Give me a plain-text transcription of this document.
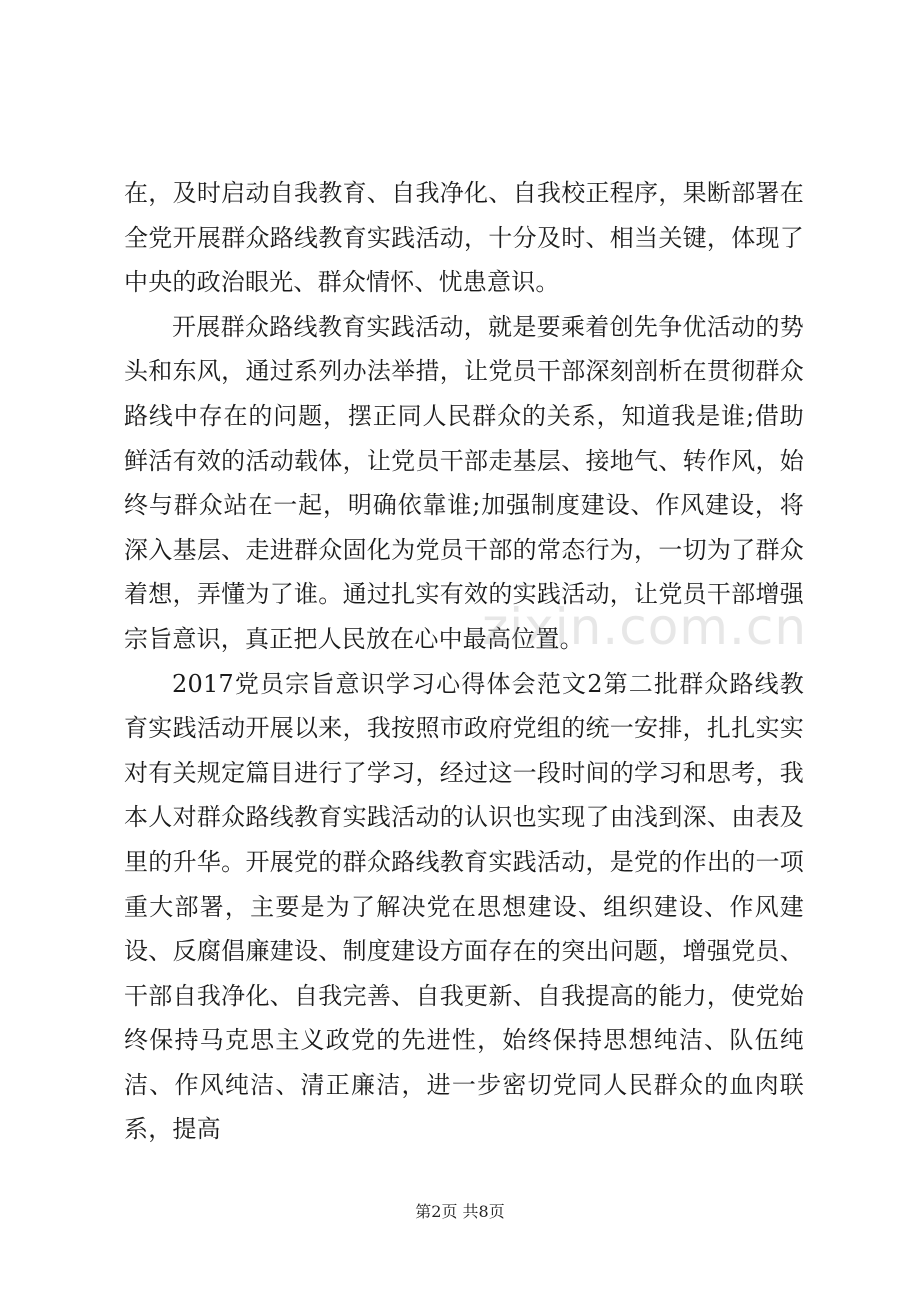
在，及时启动自我教育、自我净化、自我校正程序，果断部署在全党开展群众路线教育实践活动，十分及时、相当关键，体现了中央的政治眼光、群众情怀、忧患意识。

开展群众路线教育实践活动，就是要乘着创先争优活动的势头和东风，通过系列办法举措，让党员干部深刻剖析在贯彻群众路线中存在的问题，摆正同人民群众的关系，知道我是谁;借助鲜活有效的活动载体，让党员干部走基层、接地气、转作风，始终与群众站在一起，明确依靠谁;加强制度建设、作风建设，将深入基层、走进群众固化为党员干部的常态行为，一切为了群众着想，弄懂为了谁。通过扎实有效的实践活动，让党员干部增强宗旨意识，真正把人民放在心中最高位置。

2017党员宗旨意识学习心得体会范文2第二批群众路线教育实践活动开展以来，我按照市政府党组的统一安排，扎扎实实对有关规定篇目进行了学习，经过这一段时间的学习和思考，我本人对群众路线教育实践活动的认识也实现了由浅到深、由表及里的升华。开展党的群众路线教育实践活动，是党的作出的一项重大部署，主要是为了解决党在思想建设、组织建设、作风建设、反腐倡廉建设、制度建设方面存在的突出问题，增强党员、干部自我净化、自我完善、自我更新、自我提高的能力，使党始终保持马克思主义政党的先进性，始终保持思想纯洁、队伍纯洁、作风纯洁、清正廉洁，进一步密切党同人民群众的血肉联系，提高

zixin.com.cn
第2页 共8页
